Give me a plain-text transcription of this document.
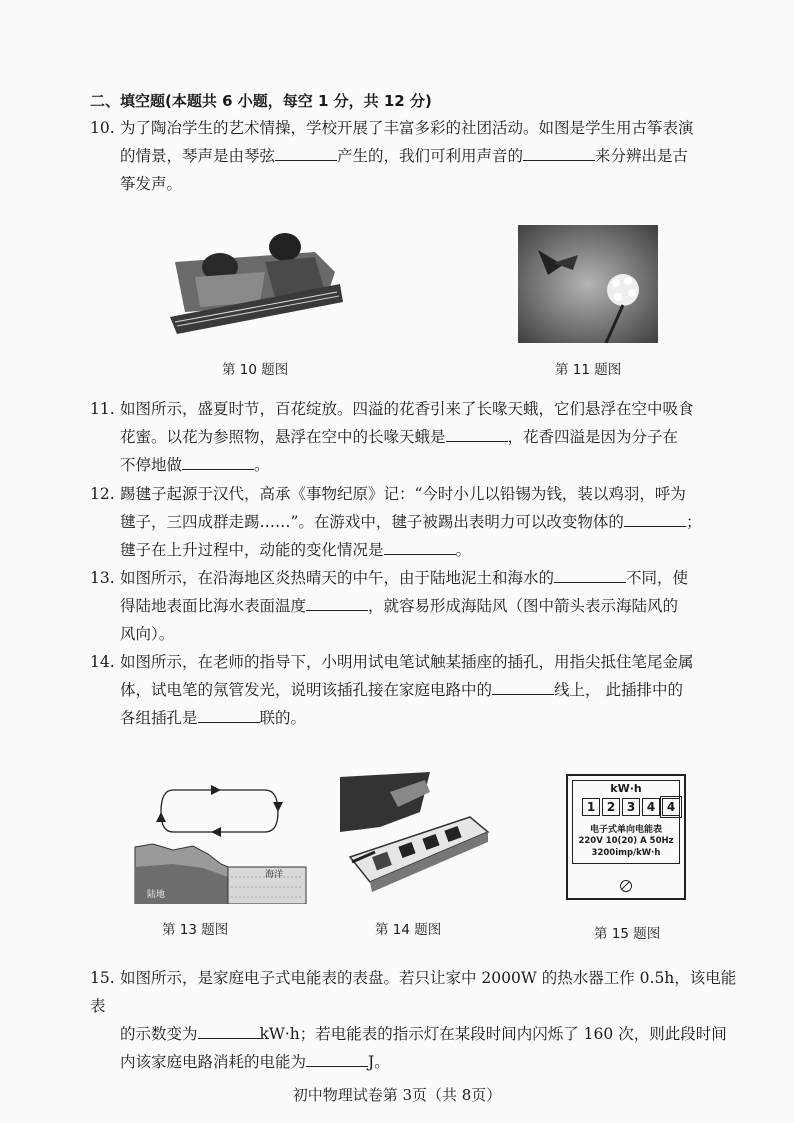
二、填空题(本题共 6 小题，每空 1 分，共 12 分)
10. 为了陶冶学生的艺术情操，学校开展了丰富多彩的社团活动。如图是学生用古筝表演
的情景，琴声是由琴弦	产生的，我们可利用声音的	来分辨出是古
筝发声。
第 10 题图	第 11 题图
11. 如图所示，盛夏时节，百花绽放。四溢的花香引来了长喙天蛾，它们悬浮在空中吸食
花蜜。以花为参照物，悬浮在空中的长喙天蛾是	，花香四溢是因为分子在
不停地做	。
12. 踢毽子起源于汉代，高承《事物纪原》记：“今时小儿以铅锡为钱，装以鸡羽，呼为
毽子，三四成群走踢……”。在游戏中，毽子被踢出表明力可以改变物体的	；
毽子在上升过程中，动能的变化情况是	。
13. 如图所示，在沿海地区炎热晴天的中午，由于陆地泥土和海水的	不同，使
得陆地表面比海水表面温度	，就容易形成海陆风（图中箭头表示海陆风的
风向）。
14. 如图所示，在老师的指导下，小明用试电笔试触某插座的插孔，用指尖抵住笔尾金属
体，试电笔的氖管发光，说明该插孔接在家庭电路中的	线上， 此插排中的
各组插孔是	联的。
陆地
海洋
第 13 题图	第 14 题图
kW·h
1 2 3 4 4
电子式单向电能表
220V 10(20) A 50Hz
3200imp/kW·h
第 15 题图
15. 如图所示，是家庭电子式电能表的表盘。若只让家中 2000W 的热水器工作 0.5h，该电能表
的示数变为	kW·h；若电能表的指示灯在某段时间内闪烁了 160 次，则此段时间
内该家庭电路消耗的电能为	J。
初中物理试卷第 3页（共 8页）
